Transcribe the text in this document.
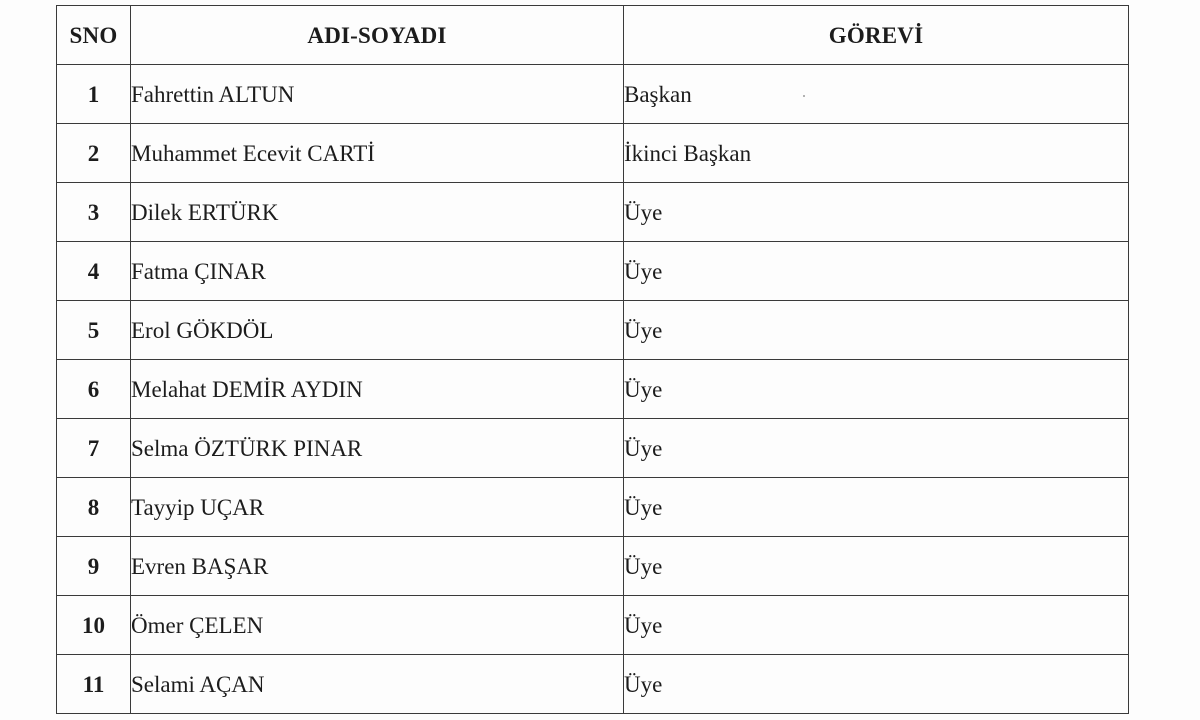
SNO	ADI-SOYADI	GÖREVİ
1	Fahrettin ALTUN	Başkan
2	Muhammet Ecevit CARTİ	İkinci Başkan
3	Dilek ERTÜRK	Üye
4	Fatma ÇINAR	Üye
5	Erol GÖKDÖL	Üye
6	Melahat DEMİR AYDIN	Üye
7	Selma ÖZTÜRK PINAR	Üye
8	Tayyip UÇAR	Üye
9	Evren BAŞAR	Üye
10	Ömer ÇELEN	Üye
11	Selami AÇAN	Üye
